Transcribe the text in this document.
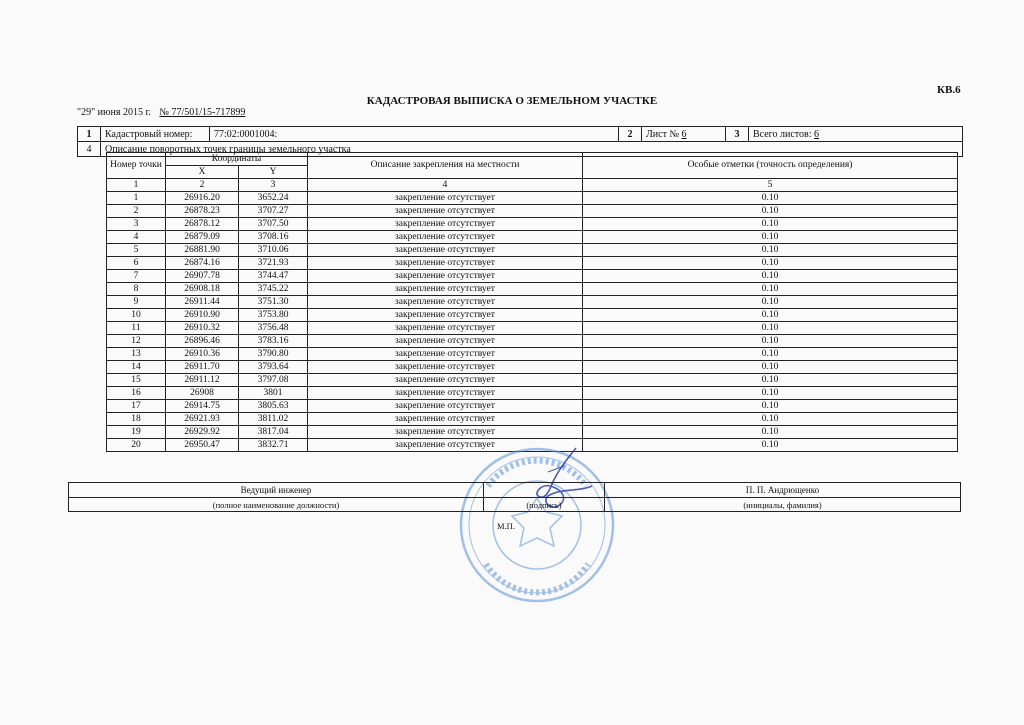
КВ.6
КАДАСТРОВАЯ ВЫПИСКА О ЗЕМЕЛЬНОМ УЧАСТКЕ
"29" июня 2015 г. № 77/501/15-717899
1	Кадастровый номер:	77:02:0001004:	2	Лист № 6	3	Всего листов: 6
4	Описание поворотных точек границы земельного участка					
Номер точки	Координаты		Описание закрепления на местности	Особые отметки (точность определения)
	X	Y		
1	2	3	4	5
1	26916.20	3652.24	закрепление отсутствует	0.10
2	26878.23	3707.27	закрепление отсутствует	0.10
3	26878.12	3707.50	закрепление отсутствует	0.10
4	26879.09	3708.16	закрепление отсутствует	0.10
5	26881.90	3710.06	закрепление отсутствует	0.10
6	26874.16	3721.93	закрепление отсутствует	0.10
7	26907.78	3744.47	закрепление отсутствует	0.10
8	26908.18	3745.22	закрепление отсутствует	0.10
9	26911.44	3751.30	закрепление отсутствует	0.10
10	26910.90	3753.80	закрепление отсутствует	0.10
11	26910.32	3756.48	закрепление отсутствует	0.10
12	26896.46	3783.16	закрепление отсутствует	0.10
13	26910.36	3790.80	закрепление отсутствует	0.10
14	26911.70	3793.64	закрепление отсутствует	0.10
15	26911.12	3797.08	закрепление отсутствует	0.10
16	26908	3801	закрепление отсутствует	0.10
17	26914.75	3805.63	закрепление отсутствует	0.10
18	26921.93	3811.02	закрепление отсутствует	0.10
19	26929.92	3817.04	закрепление отсутствует	0.10
20	26950.47	3832.71	закрепление отсутствует	0.10
Ведущий инженер		П. П. Андрющенко
(полное наименование должности)	(подпись)	(инициалы, фамилия)
М.П.
